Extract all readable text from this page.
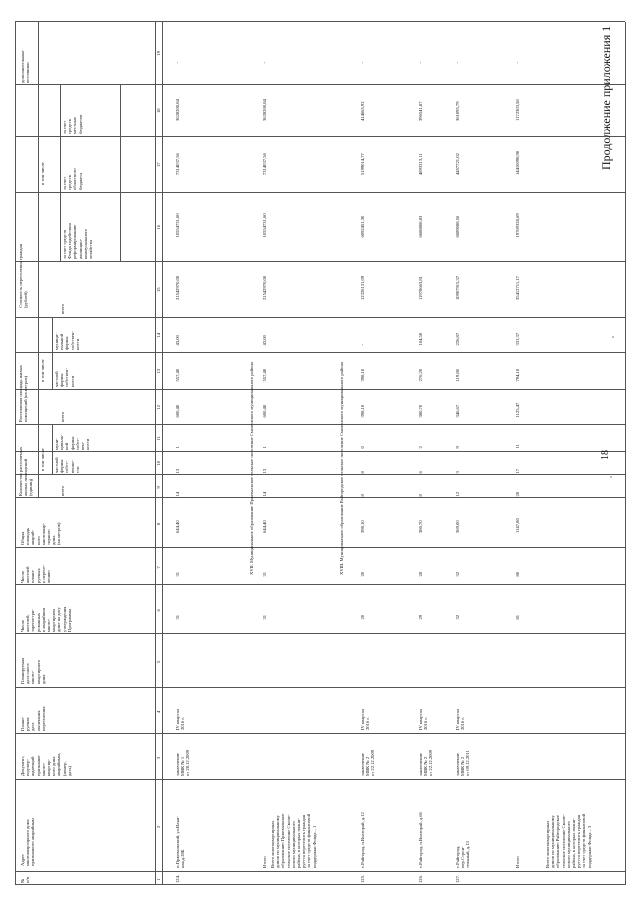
№
п/п
Адрес
многоквартирного дома
признанного аварийным
Документ,
подтвер-
ждающий
признание
много-
квартир-
ного дома
аварийным,
(номер,
дата)
Плани-
руемая
дата
окончания
переселения
Планируемая
дата сноса
много-
квартирного
дома
Число
жителей,
зарегистри-
рованных
в аварийном
много-
квартирном
доме на дату
утверждения
Программы
Число
жителей
плани-
руемых
к пересе-
лению
Общая
площадь
аварий-
ного
многоквар-
тирного
дома
(кв.метров)
Количество расселяемых
жилых помещений
(единиц)	всего
в том числе частной
формы
собст-
венно-
сти
муни-
ципаль-
ной
формы
собст-
вен-
ности
Расселяемая площадь жилых
помещений (кв.метров)	всего
в том числе частной
формы
собствен-
ности
муници-
пальной
формы
собствен-
ности
Стоимость переселения граждан
(рублей)
всего
в том числе
за счет средств
Фонда содействия
реформированию
жилищно-
коммунального
хозяйства
за счет
средств
областного
бюджета
за счет
средств
местных
бюджетов
дополнительные
источники
1
2
3
4
5
6
7
8
9
10
11
12
13
14
15
16
17
18
19
XVII. Муниципальное образование Пржевальское сельское поселение Смоленского муниципального района
124.
п.Пржевальский, ул.Ильи-
ная,д.28Б
заключение
МВК № 1
от 28.12.2009
IV квартал
2016 г.
31
31
644,40
14
13
1
600,40
557,40
43,00
21542970,00
10554731,60
7314037,56
3628200,84
-
Итого
31
31
644,40
14
13
1
600,40
557,40
43,00
21542970,00
10554731,60
7314037,56
3628200,84
-
Всего многоквартирных
домов по муниципальному
образованию Пржевальское
сельское поселение Смоле-
нского муниципального
района, в которых плани-
руется переселить граждан
за счет средств финансовой
поддержки Фонда – 1
XVIII. Муниципальное образование Райгородское сельское поселение Смоленского муниципального района
125.
с.Райгород, п.Волгорай, д.12
заключение
МВК № 2
от 22.12.2009
IV квартал
2016 г.
20
20
398,10
8
8
0
398,10
398,10
-
12326131,09
6092451,30
5199014,77
414665,92
-
126.
с.Райгород, п.Волгорай, д.66
заключение
МВК № 2
от 22.12.2009
IV квартал
2016 г.
29
28
380,70
8
6
2
380,70
276,20
104,50
11978663,81
6688808,83
4893313,11
396541,87
-
127.
с.Райгород,
пер.Строи-
тельный, д.13
заключение
МВК № 2
от 09.12.2011
IV квартал
2016 г.
32
32
369,00
12
3
9
346,67
119,80
226,87
10907915,37
6089088,56
4457721,02
361095,79
-
Итого
81
80
1147,80
28
17
11
1125,47
794,10
331,37
35412711,17
19769328,69
14410098,90
1172303,58
-
Всего многоквартирных
домов по муниципальному
образованию Райгородское
сельское поселение Смоле-
нского муниципального
района, в которых плани-
руется переселить граждан
за счет средств финансовой
поддержки Фонда – 3
Продолжение приложения 1
18
